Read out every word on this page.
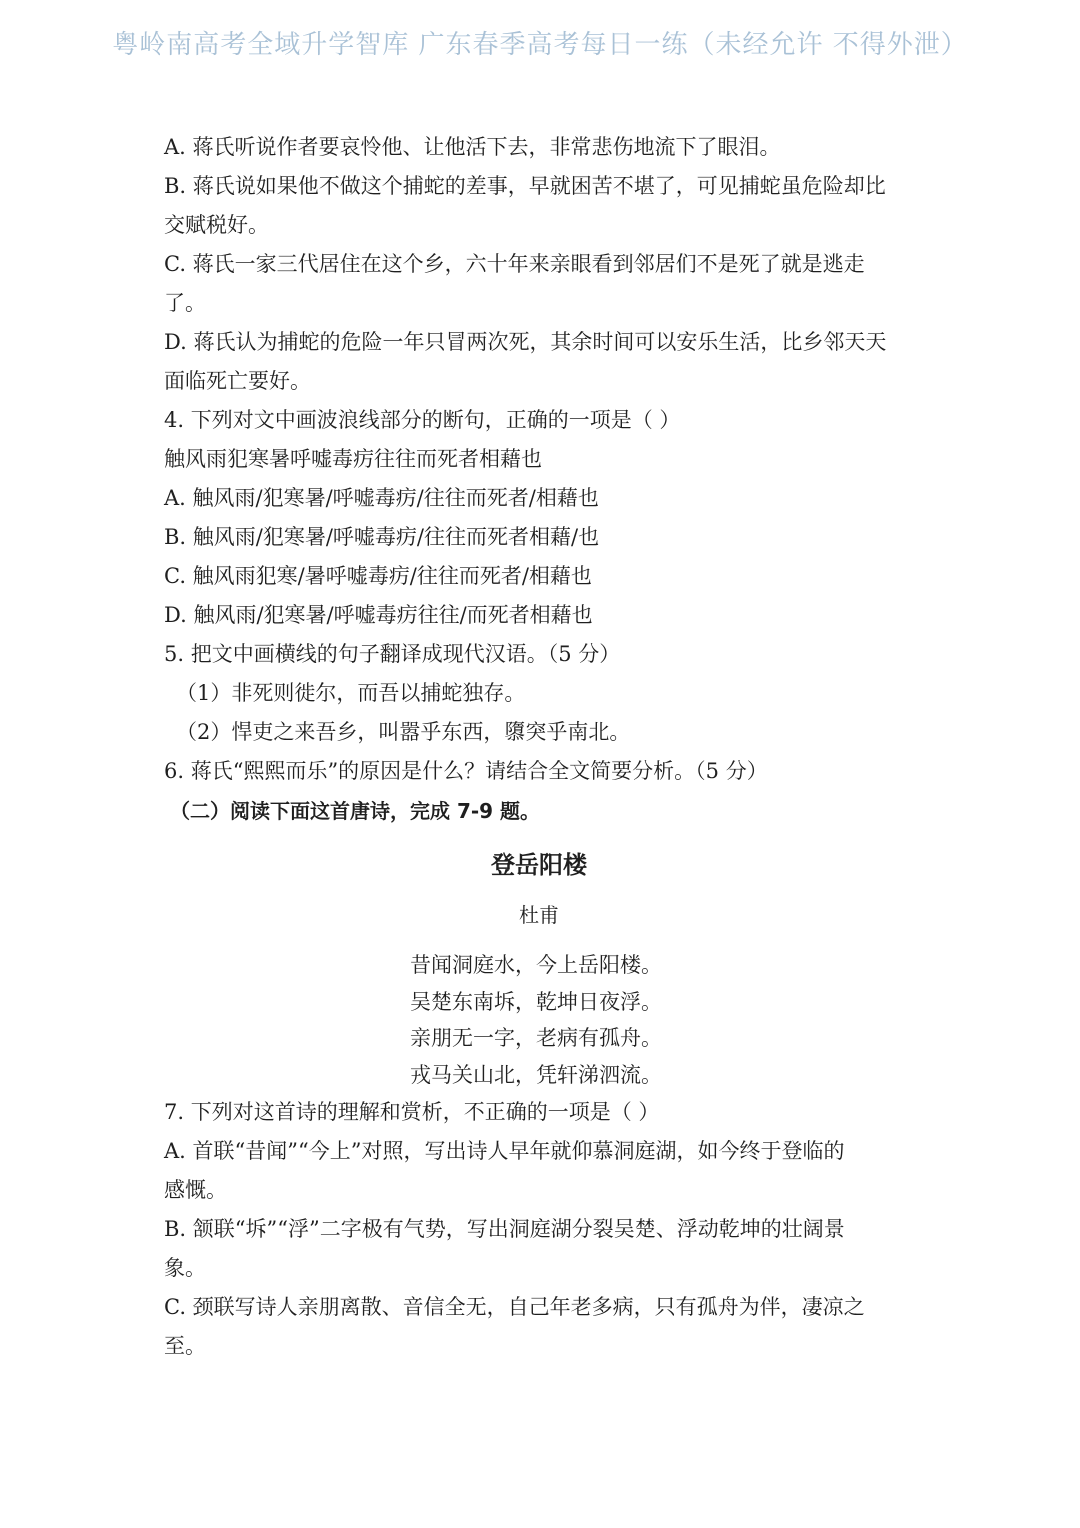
粤岭南高考全域升学智库 广东春季高考每日一练（未经允许 不得外泄）
A. 蒋氏听说作者要哀怜他、让他活下去，非常悲伤地流下了眼泪。
B. 蒋氏说如果他不做这个捕蛇的差事，早就困苦不堪了，可见捕蛇虽危险却比
交赋税好。
C. 蒋氏一家三代居住在这个乡，六十年来亲眼看到邻居们不是死了就是逃走
了。
D. 蒋氏认为捕蛇的危险一年只冒两次死，其余时间可以安乐生活，比乡邻天天
面临死亡要好。
4. 下列对文中画波浪线部分的断句，正确的一项是（ ）
触风雨犯寒暑呼嘘毒疠往往而死者相藉也
A. 触风雨/犯寒暑/呼嘘毒疠/往往而死者/相藉也
B. 触风雨/犯寒暑/呼嘘毒疠/往往而死者相藉/也
C. 触风雨犯寒/暑呼嘘毒疠/往往而死者/相藉也
D. 触风雨/犯寒暑/呼嘘毒疠往往/而死者相藉也
5. 把文中画横线的句子翻译成现代汉语。（5 分）
（1）非死则徙尔，而吾以捕蛇独存。
（2）悍吏之来吾乡，叫嚣乎东西，隳突乎南北。
6. 蒋氏“熙熙而乐”的原因是什么？请结合全文简要分析。（5 分）
（二）阅读下面这首唐诗，完成 7-9 题。
登岳阳楼
杜甫
昔闻洞庭水，今上岳阳楼。
吴楚东南坼，乾坤日夜浮。
亲朋无一字，老病有孤舟。
戎马关山北，凭轩涕泗流。
7. 下列对这首诗的理解和赏析，不正确的一项是（ ）
A. 首联“昔闻”“今上”对照，写出诗人早年就仰慕洞庭湖，如今终于登临的
感慨。
B. 颔联“坼”“浮”二字极有气势，写出洞庭湖分裂吴楚、浮动乾坤的壮阔景
象。
C. 颈联写诗人亲朋离散、音信全无，自己年老多病，只有孤舟为伴，凄凉之
至。
